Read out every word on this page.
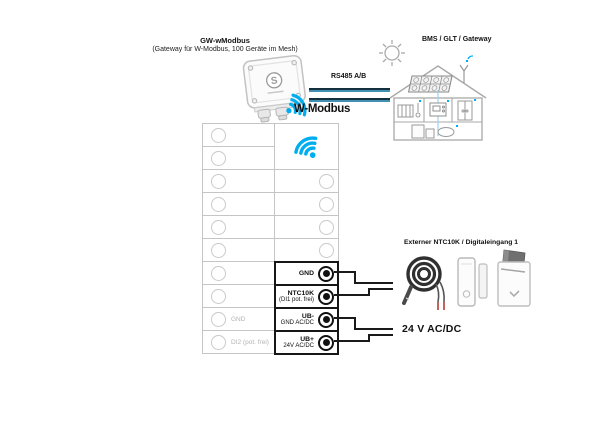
GW-wModbus
(Gateway für W-Modbus, 100 Geräte im Mesh)
S	RS485 A/B
BMS / GLT / Gateway
W-Modbus
GND
DI2 (pot. frei)
GND
NTC10K
(DI1 pot. frei)
UB-
GND AC/DC
UB+
24V AC/DC
Externer NTC10K / Digitaleingang 1
24 V AC/DC
